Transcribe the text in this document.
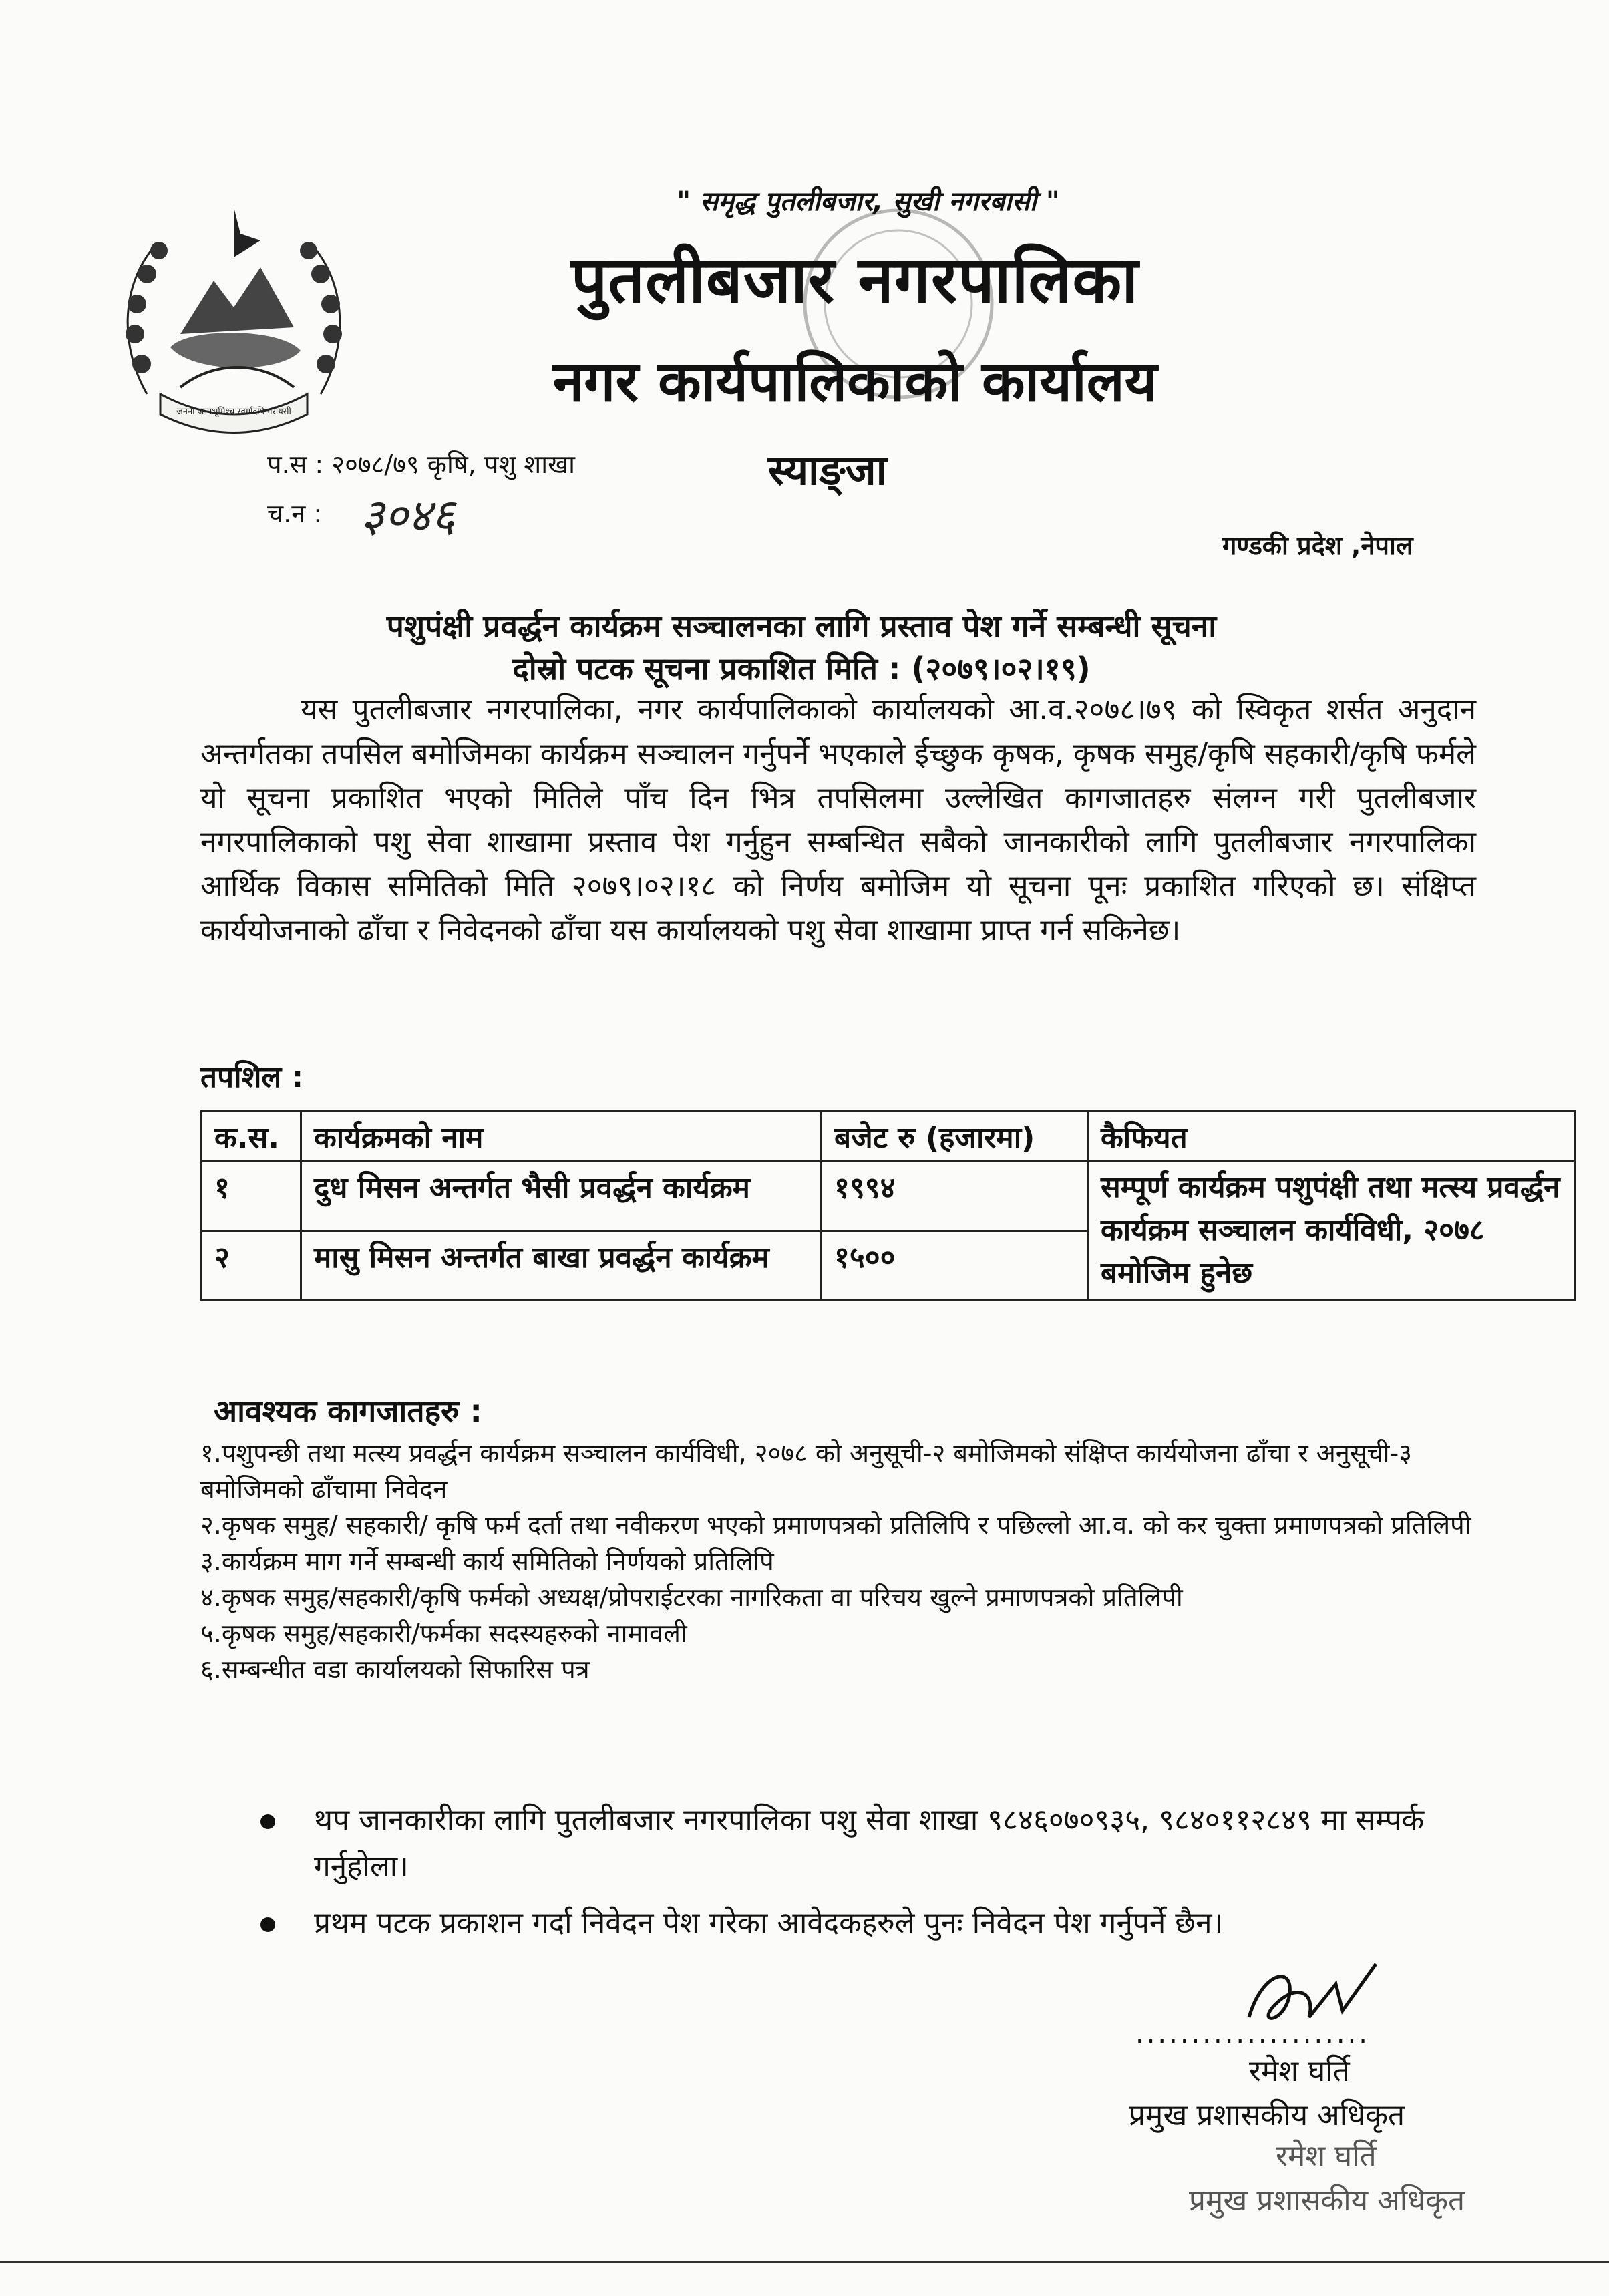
जननी जन्मभूमिश्च स्वर्गादपि गरीयसी
" समृद्ध पुतलीबजार, सुखी नगरबासी "
पुतलीबजार नगरपालिका
नगर कार्यपालिकाको कार्यालय
प.स : २०७८/७९ कृषि, पशु शाखा
च.न : ३०४६
स्याङ्जा
गण्डकी प्रदेश ,नेपाल
पशुपंक्षी प्रवर्द्धन कार्यक्रम सञ्चालनका लागि प्रस्ताव पेश गर्ने सम्बन्धी सूचना
दोस्रो पटक सूचना प्रकाशित मिति : (२०७९।०२।१९)
यस पुतलीबजार नगरपालिका, नगर कार्यपालिकाको कार्यालयको आ.व.२०७८।७९ को स्विकृत शर्सत अनुदान अन्तर्गतका तपसिल बमोजिमका कार्यक्रम सञ्चालन गर्नुपर्ने भएकाले ईच्छुक कृषक, कृषक समुह/कृषि सहकारी/कृषि फर्मले यो सूचना प्रकाशित भएको मितिले पाँच दिन भित्र तपसिलमा उल्लेखित कागजातहरु संलग्न गरी पुतलीबजार नगरपालिकाको पशु सेवा शाखामा प्रस्ताव पेश गर्नुहुन सम्बन्धित सबैको जानकारीको लागि पुतलीबजार नगरपालिका आर्थिक विकास समितिको मिति २०७९।०२।१८ को निर्णय बमोजिम यो सूचना पूनः प्रकाशित गरिएको छ। संक्षिप्त कार्ययोजनाको ढाँचा र निवेदनको ढाँचा यस कार्यालयको पशु सेवा शाखामा प्राप्त गर्न सकिनेछ।
तपशिल :
क.स.	कार्यक्रमको नाम	बजेट रु (हजारमा)	कैफियत
१	दुध मिसन अन्तर्गत भैसी प्रवर्द्धन कार्यक्रम	१९९४	सम्पूर्ण कार्यक्रम पशुपंक्षी तथा मत्स्य प्रवर्द्धन कार्यक्रम सञ्चालन कार्यविधी, २०७८ बमोजिम हुनेछ
२	मासु मिसन अन्तर्गत बाखा प्रवर्द्धन कार्यक्रम	१५००	
आवश्यक कागजातहरु :
१.पशुपन्छी तथा मत्स्य प्रवर्द्धन कार्यक्रम सञ्चालन कार्यविधी, २०७८ को अनुसूची-२ बमोजिमको संक्षिप्त कार्ययोजना ढाँचा र अनुसूची-३ बमोजिमको ढाँचामा निवेदन
२.कृषक समुह/ सहकारी/ कृषि फर्म दर्ता तथा नवीकरण भएको प्रमाणपत्रको प्रतिलिपि र पछिल्लो आ.व. को कर चुक्ता प्रमाणपत्रको प्रतिलिपी
३.कार्यक्रम माग गर्ने सम्बन्धी कार्य समितिको निर्णयको प्रतिलिपि
४.कृषक समुह/सहकारी/कृषि फर्मको अध्यक्ष/प्रोपराईटरका नागरिकता वा परिचय खुल्ने प्रमाणपत्रको प्रतिलिपी
५.कृषक समुह/सहकारी/फर्मका सदस्यहरुको नामावली
६.सम्बन्धीत वडा कार्यालयको सिफारिस पत्र
थप जानकारीका लागि पुतलीबजार नगरपालिका पशु सेवा शाखा ९८४६०७०९३५, ९८४०११२८४९ मा सम्पर्क गर्नुहोला।
प्रथम पटक प्रकाशन गर्दा निवेदन पेश गरेका आवेदकहरुले पुनः निवेदन पेश गर्नुपर्ने छैन।
.....................
रमेश घर्ति
प्रमुख प्रशासकीय अधिकृत
रमेश घर्ति
प्रमुख प्रशासकीय अधिकृत
